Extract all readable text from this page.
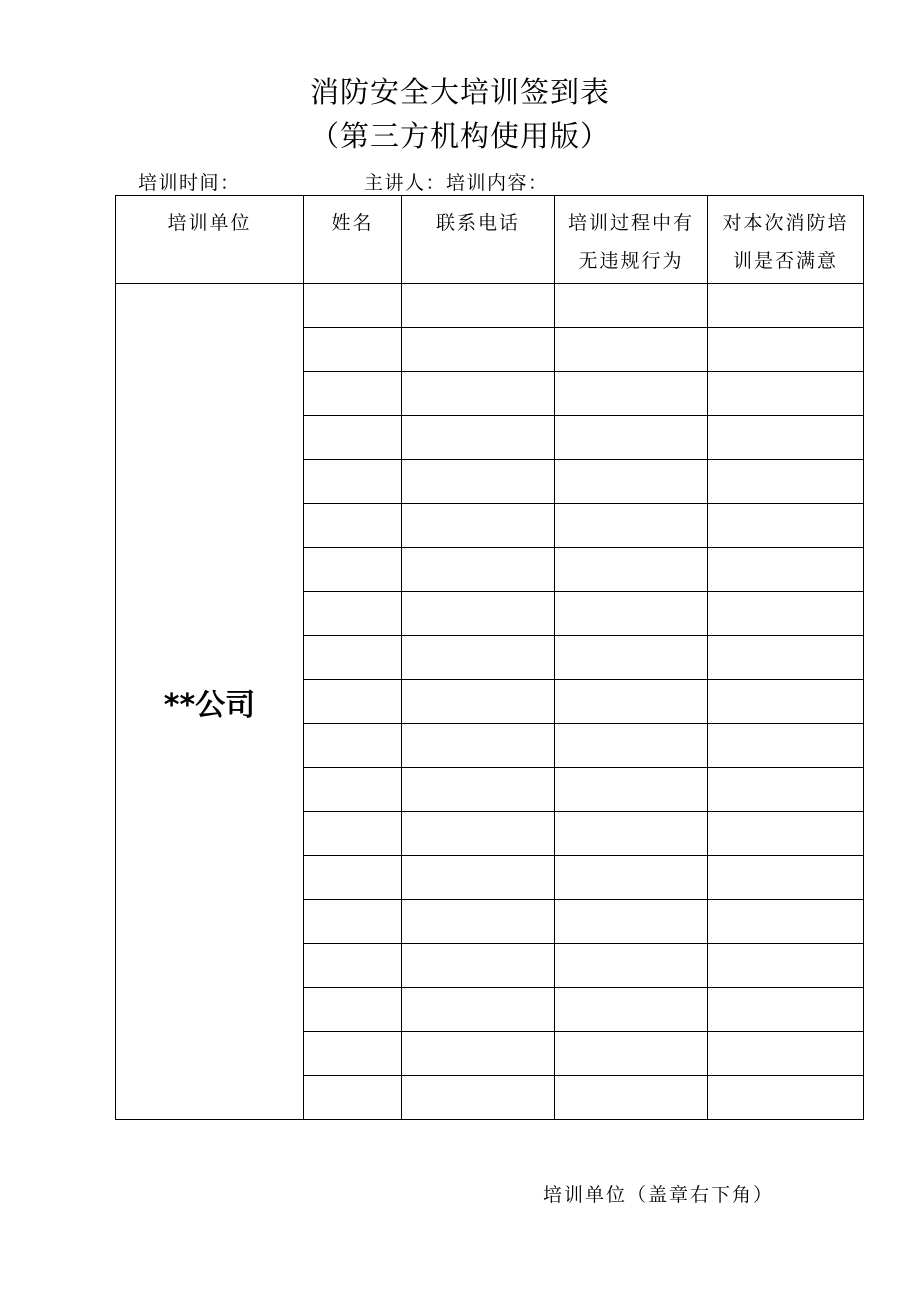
消防安全大培训签到表
（第三方机构使用版）
培训时间：	主讲人：培训内容：
培训单位	姓名	联系电话	培训过程中有无违规行为	对本次消防培训是否满意
**公司				

培训单位（盖章右下角）
